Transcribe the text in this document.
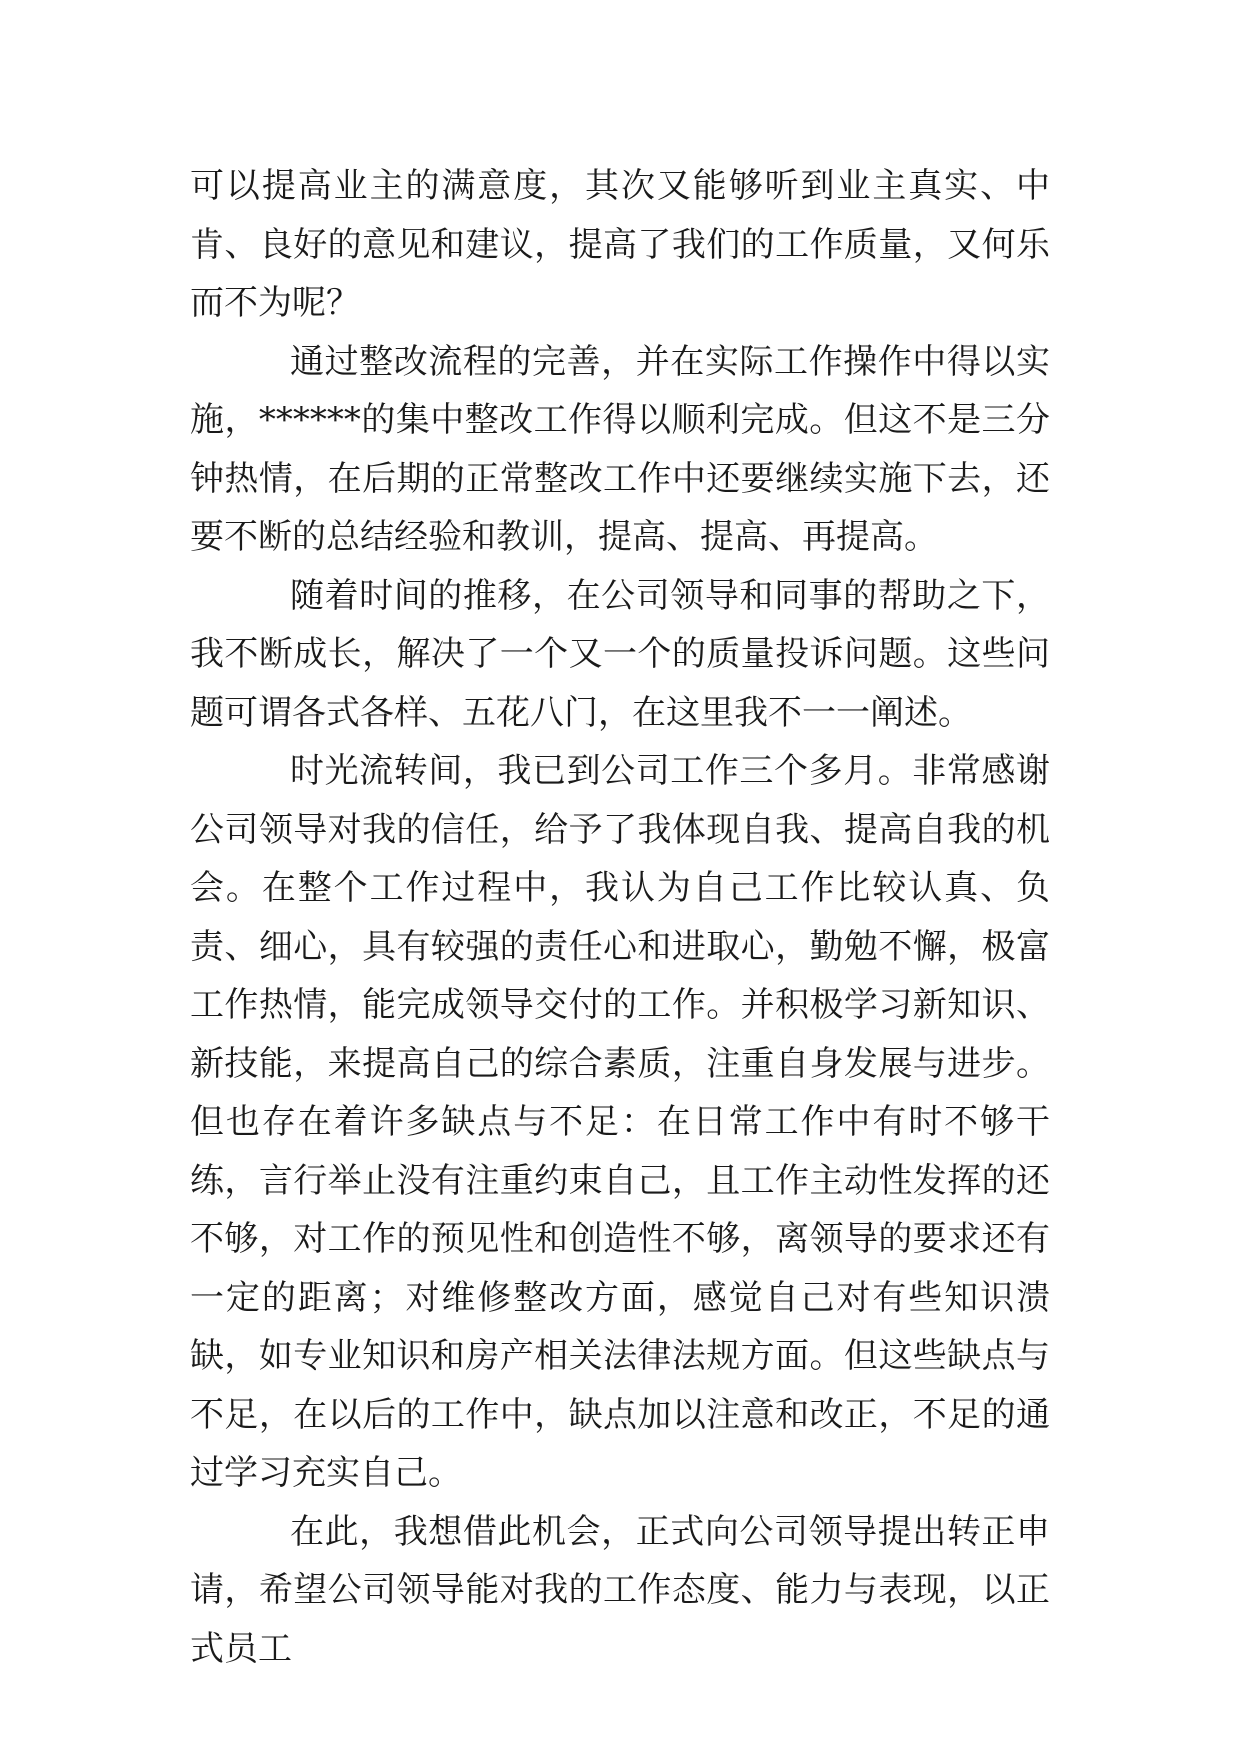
可以提高业主的满意度，其次又能够听到业主真实、中肯、良好的意见和建议，提高了我们的工作质量，又何乐而不为呢？

通过整改流程的完善，并在实际工作操作中得以实施，******的集中整改工作得以顺利完成。但这不是三分钟热情，在后期的正常整改工作中还要继续实施下去，还要不断的总结经验和教训，提高、提高、再提高。

随着时间的推移，在公司领导和同事的帮助之下，我不断成长，解决了一个又一个的质量投诉问题。这些问题可谓各式各样、五花八门，在这里我不一一阐述。

时光流转间，我已到公司工作三个多月。非常感谢公司领导对我的信任，给予了我体现自我、提高自我的机会。在整个工作过程中，我认为自己工作比较认真、负责、细心，具有较强的责任心和进取心，勤勉不懈，极富工作热情，能完成领导交付的工作。并积极学习新知识、新技能，来提高自己的综合素质，注重自身发展与进步。但也存在着许多缺点与不足：在日常工作中有时不够干练，言行举止没有注重约束自己，且工作主动性发挥的还不够，对工作的预见性和创造性不够，离领导的要求还有一定的距离；对维修整改方面，感觉自己对有些知识溃缺，如专业知识和房产相关法律法规方面。但这些缺点与不足，在以后的工作中，缺点加以注意和改正，不足的通过学习充实自己。

在此，我想借此机会，正式向公司领导提出转正申请，希望公司领导能对我的工作态度、能力与表现，以正式员工
